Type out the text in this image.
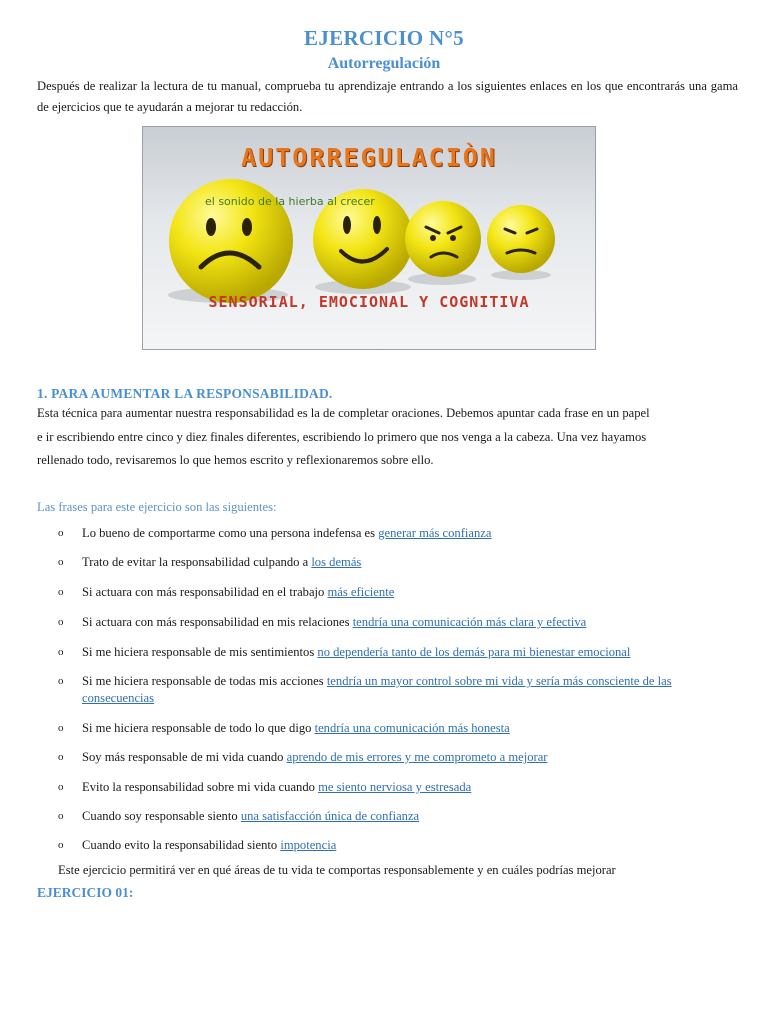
EJERCICIO N°5
Autorregulación
Después de realizar la lectura de tu manual, comprueba tu aprendizaje entrando a los siguientes enlaces en los que encontrarás una gama de ejercicios que te ayudarán a mejorar tu redacción.
AUTORREGULACIÒN
el sonido de la hierba al crecer
SENSORIAL, EMOCIONAL Y COGNITIVA
1. PARA AUMENTAR LA RESPONSABILIDAD.
Esta técnica para aumentar nuestra responsabilidad es la de completar oraciones. Debemos apuntar cada frase en un papel
e ir escribiendo entre cinco y diez finales diferentes, escribiendo lo primero que nos venga a la cabeza. Una vez hayamos
rellenado todo, revisaremos lo que hemos escrito y reflexionaremos sobre ello.
Las frases para este ejercicio son las siguientes:
o Lo bueno de comportarme como una persona indefensa es generar más confianza
o Trato de evitar la responsabilidad culpando a los demás
o Si actuara con más responsabilidad en el trabajo más eficiente
o Si actuara con más responsabilidad en mis relaciones tendría una comunicación más clara y efectiva
o Si me hiciera responsable de mis sentimientos no dependería tanto de los demás para mi bienestar emocional
o Si me hiciera responsable de todas mis acciones tendría un mayor control sobre mi vida y sería más consciente de las consecuencias
o Si me hiciera responsable de todo lo que digo tendría una comunicación más honesta
o Soy más responsable de mi vida cuando aprendo de mis errores y me comprometo a mejorar
o Evito la responsabilidad sobre mi vida cuando me siento nerviosa y estresada
o Cuando soy responsable siento una satisfacción única de confianza
o Cuando evito la responsabilidad siento impotencia
Este ejercicio permitirá ver en qué áreas de tu vida te comportas responsablemente y en cuáles podrías mejorar
EJERCICIO 01:
